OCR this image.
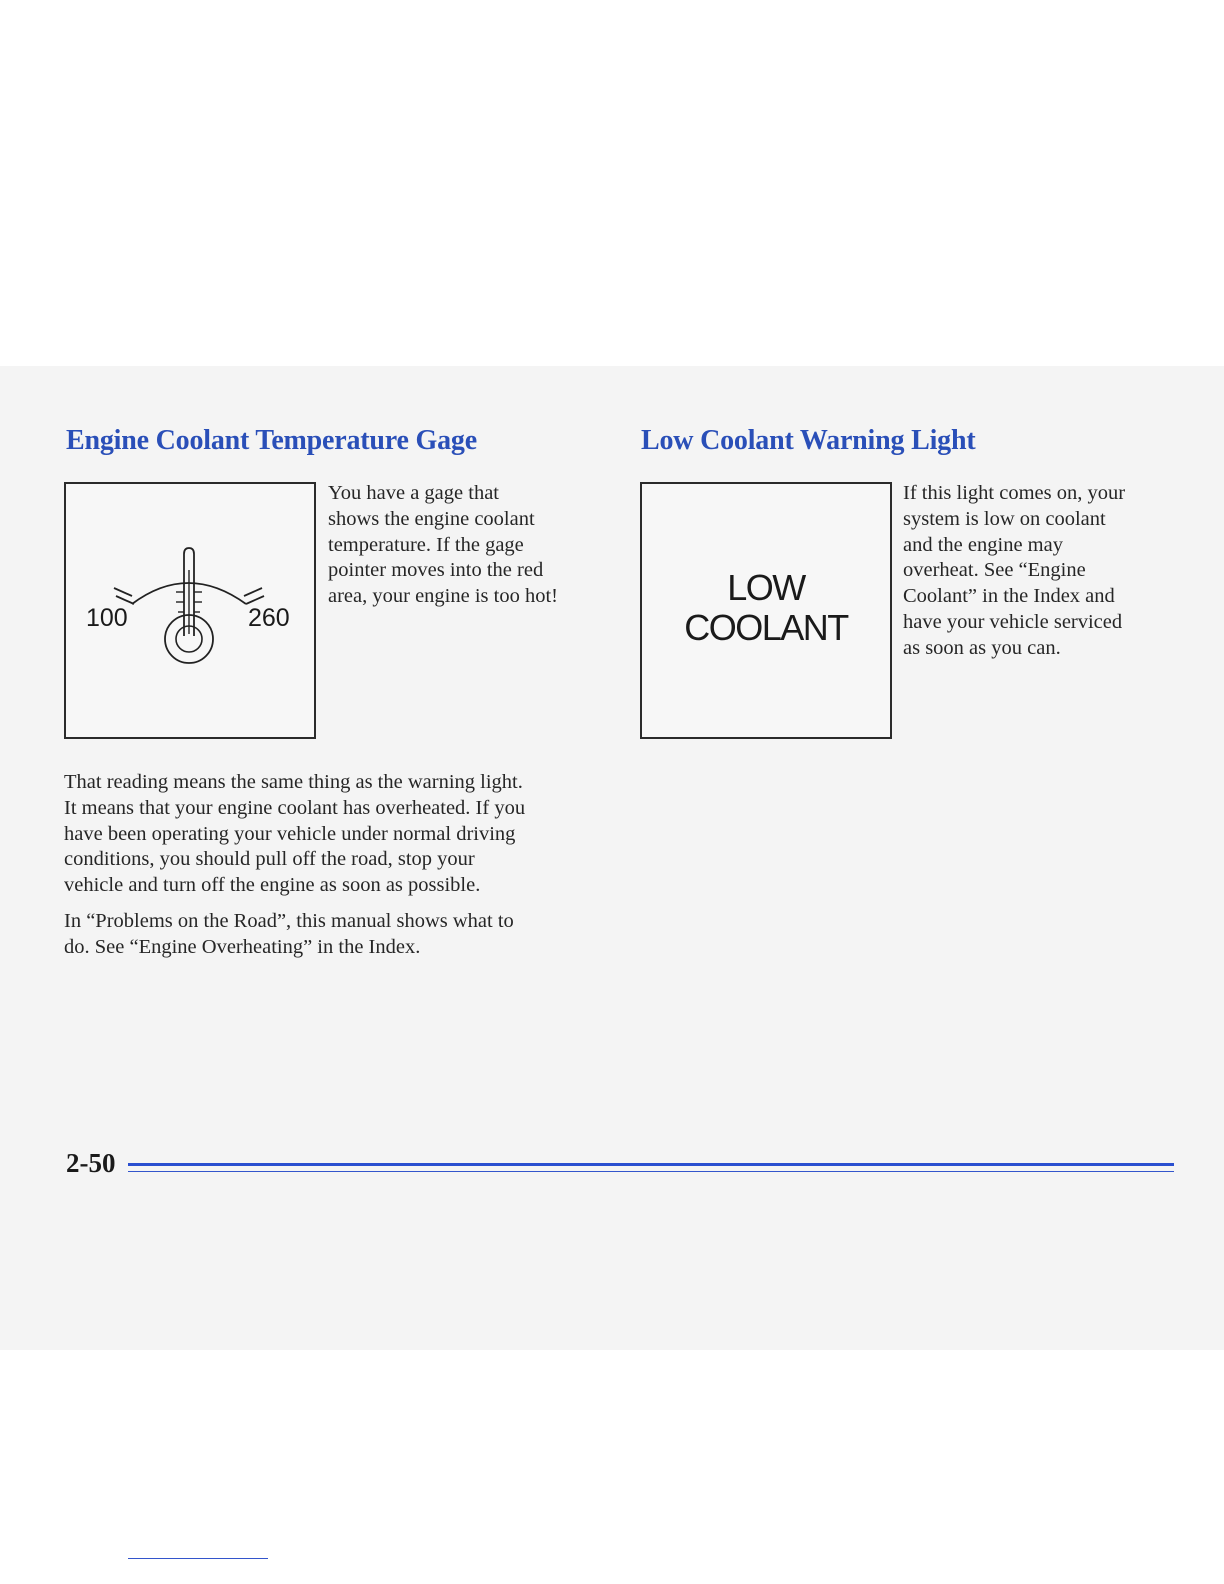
Engine Coolant Temperature Gage
100	260
You have a gage that
shows the engine coolant
temperature. If the gage
pointer moves into the red
area, your engine is too hot!
That reading means the same thing as the warning light.
It means that your engine coolant has overheated. If you
have been operating your vehicle under normal driving
conditions, you should pull off the road, stop your
vehicle and turn off the engine as soon as possible.
In “Problems on the Road”, this manual shows what to
do. See “Engine Overheating” in the Index.
Low Coolant Warning Light
LOW
COOLANT
If this light comes on, your
system is low on coolant
and the engine may
overheat. See “Engine
Coolant” in the Index and
have your vehicle serviced
as soon as you can.
2-50
